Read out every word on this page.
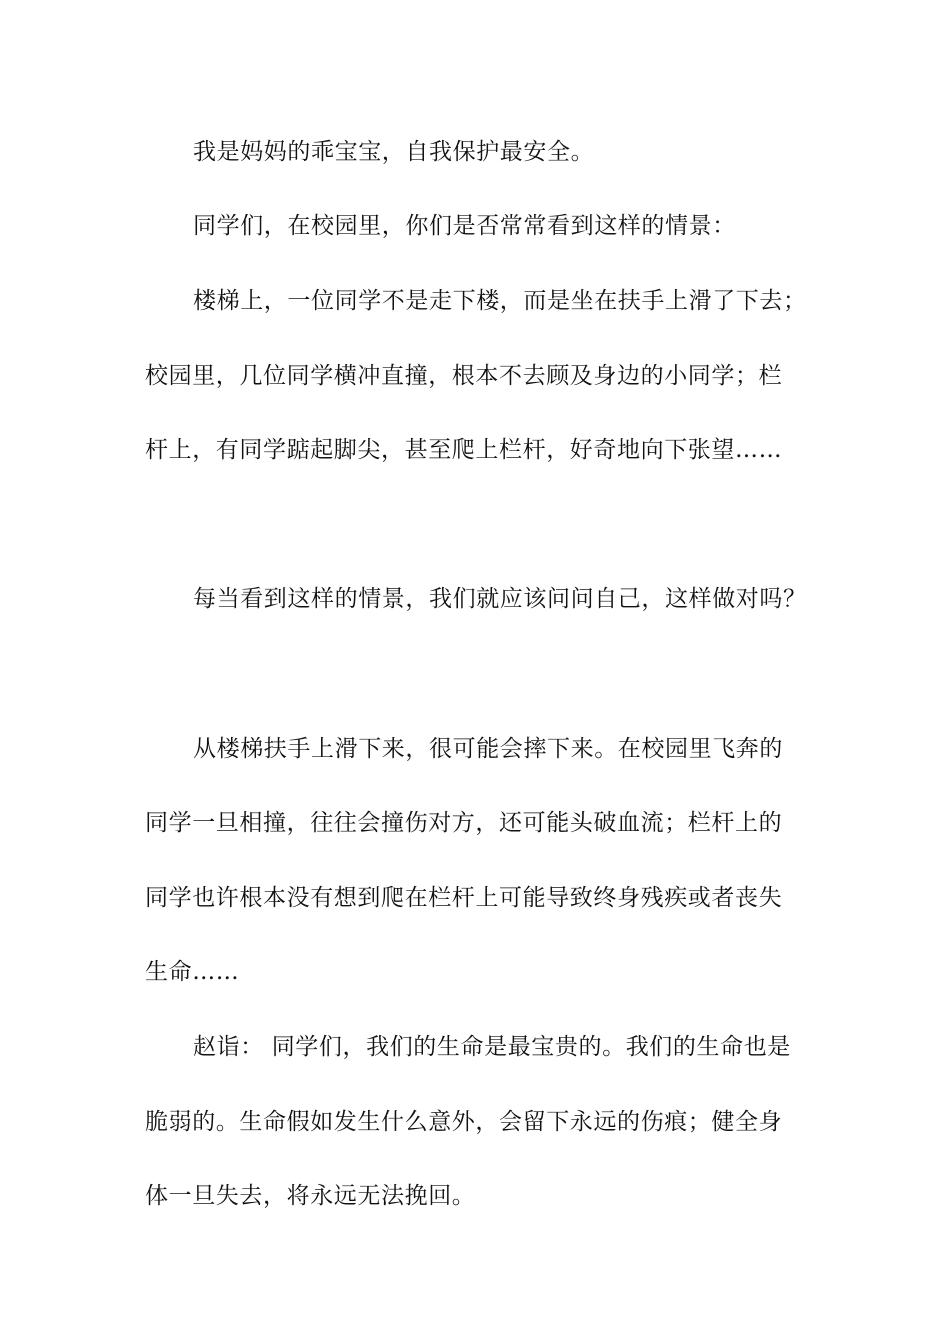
我是妈妈的乖宝宝，自我保护最安全。
同学们，在校园里，你们是否常常看到这样的情景：
楼梯上，一位同学不是走下楼，而是坐在扶手上滑了下去；
校园里，几位同学横冲直撞，根本不去顾及身边的小同学；栏
杆上，有同学踮起脚尖，甚至爬上栏杆，好奇地向下张望……
每当看到这样的情景，我们就应该问问自己，这样做对吗？
从楼梯扶手上滑下来，很可能会摔下来。在校园里飞奔的
同学一旦相撞，往往会撞伤对方，还可能头破血流；栏杆上的
同学也许根本没有想到爬在栏杆上可能导致终身残疾或者丧失
生命……
赵诣： 同学们，我们的生命是最宝贵的。我们的生命也是
脆弱的。生命假如发生什么意外，会留下永远的伤痕；健全身
体一旦失去，将永远无法挽回。
